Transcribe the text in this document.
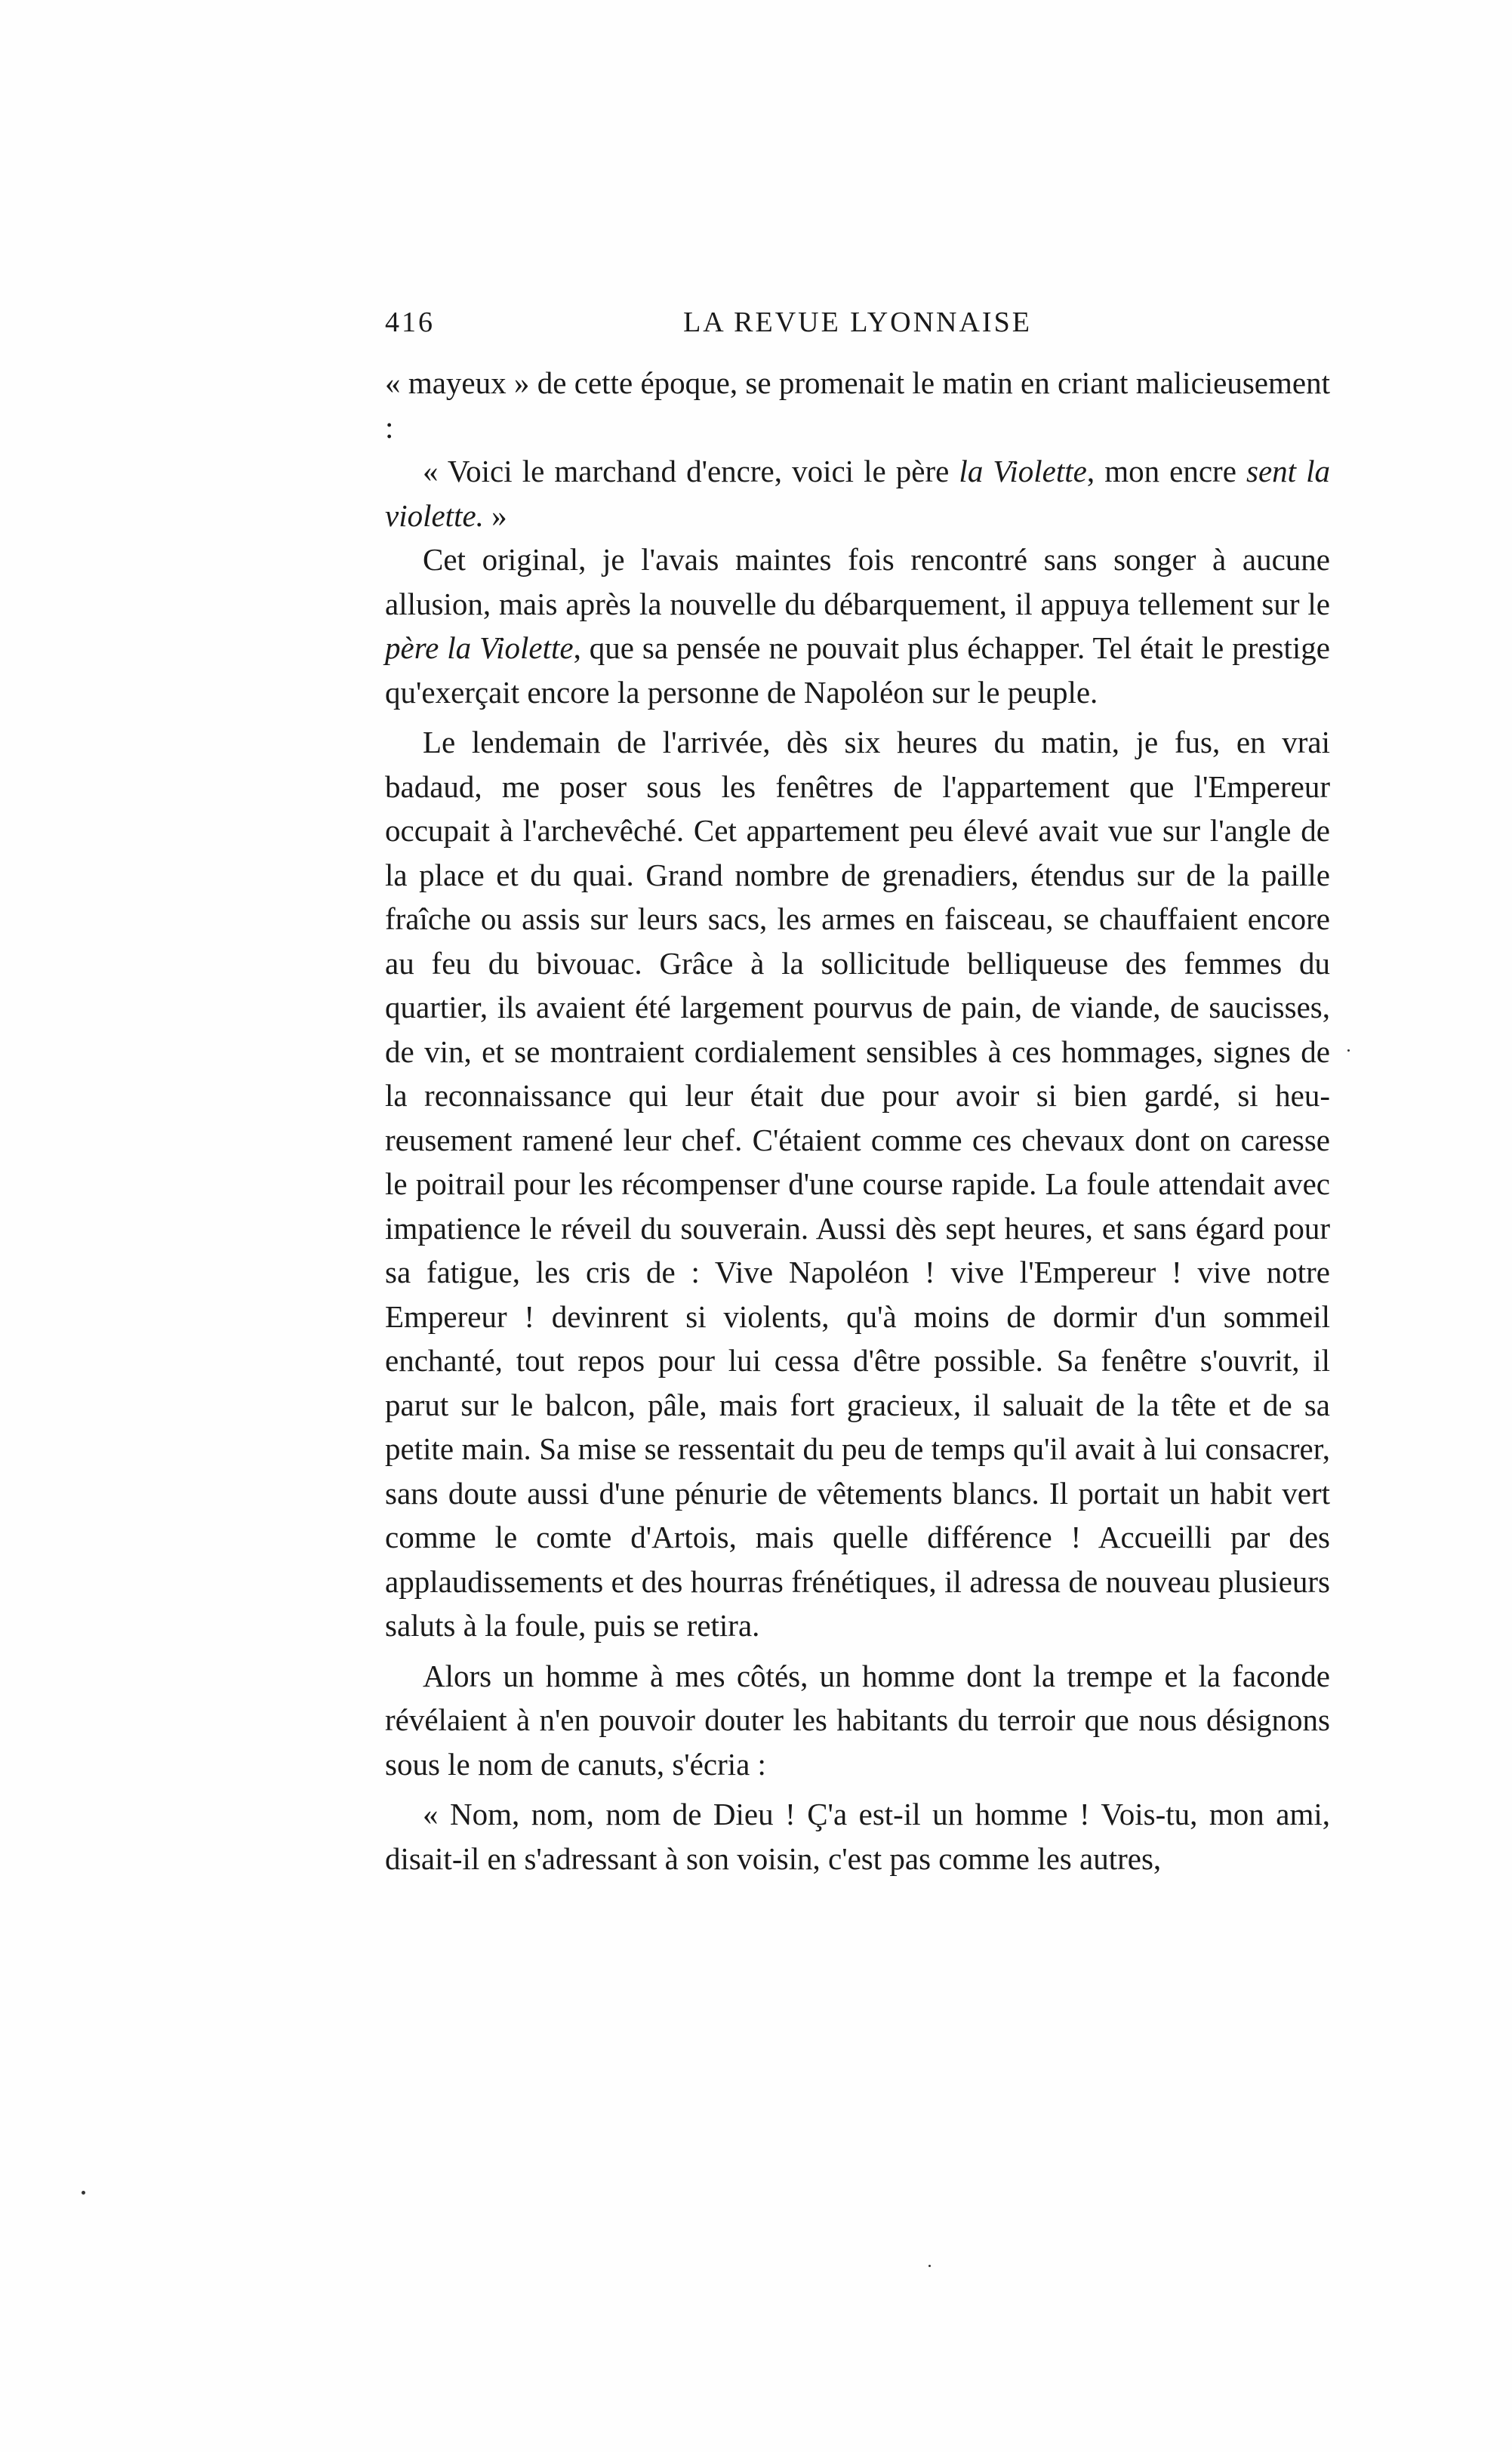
416	LA REVUE LYONNAISE

« mayeux » de cette époque, se promenait le matin en criant malicieusement :

« Voici le marchand d'encre, voici le père la Violette, mon encre sent la violette. »

Cet original, je l'avais maintes fois rencontré sans songer à aucune allusion, mais après la nouvelle du débarquement, il appuya tellement sur le père la Violette, que sa pensée ne pouvait plus échapper. Tel était le prestige qu'exerçait encore la personne de Napoléon sur le peuple.

Le lendemain de l'arrivée, dès six heures du matin, je fus, en vrai badaud, me poser sous les fenêtres de l'appartement que l'Empereur occupait à l'archevêché. Cet appartement peu élevé avait vue sur l'angle de la place et du quai. Grand nombre de grenadiers, étendus sur de la paille fraîche ou assis sur leurs sacs, les armes en faisceau, se chauffaient encore au feu du bivouac. Grâce à la sollicitude belliqueuse des femmes du quartier, ils avaient été largement pourvus de pain, de viande, de saucisses, de vin, et se montraient cordialement sensibles à ces hommages, signes de la reconnaissance qui leur était due pour avoir si bien gardé, si heureusement ramené leur chef. C'étaient comme ces chevaux dont on caresse le poitrail pour les récompenser d'une course rapide. La foule attendait avec impatience le réveil du souverain. Aussi dès sept heures, et sans égard pour sa fatigue, les cris de : Vive Napoléon ! vive l'Empereur ! vive notre Empereur ! devinrent si violents, qu'à moins de dormir d'un sommeil enchanté, tout repos pour lui cessa d'être possible. Sa fenêtre s'ouvrit, il parut sur le balcon, pâle, mais fort gracieux, il saluait de la tête et de sa petite main. Sa mise se ressentait du peu de temps qu'il avait à lui consacrer, sans doute aussi d'une pénurie de vêtements blancs. Il portait un habit vert comme le comte d'Artois, mais quelle différence ! Accueilli par des applaudissements et des hourras frénétiques, il adressa de nouveau plusieurs saluts à la foule, puis se retira.

Alors un homme à mes côtés, un homme dont la trempe et la faconde révélaient à n'en pouvoir douter les habitants du terroir que nous désignons sous le nom de canuts, s'écria :

« Nom, nom, nom de Dieu ! Ç'a est-il un homme ! Vois-tu, mon ami, disait-il en s'adressant à son voisin, c'est pas comme les autres,
